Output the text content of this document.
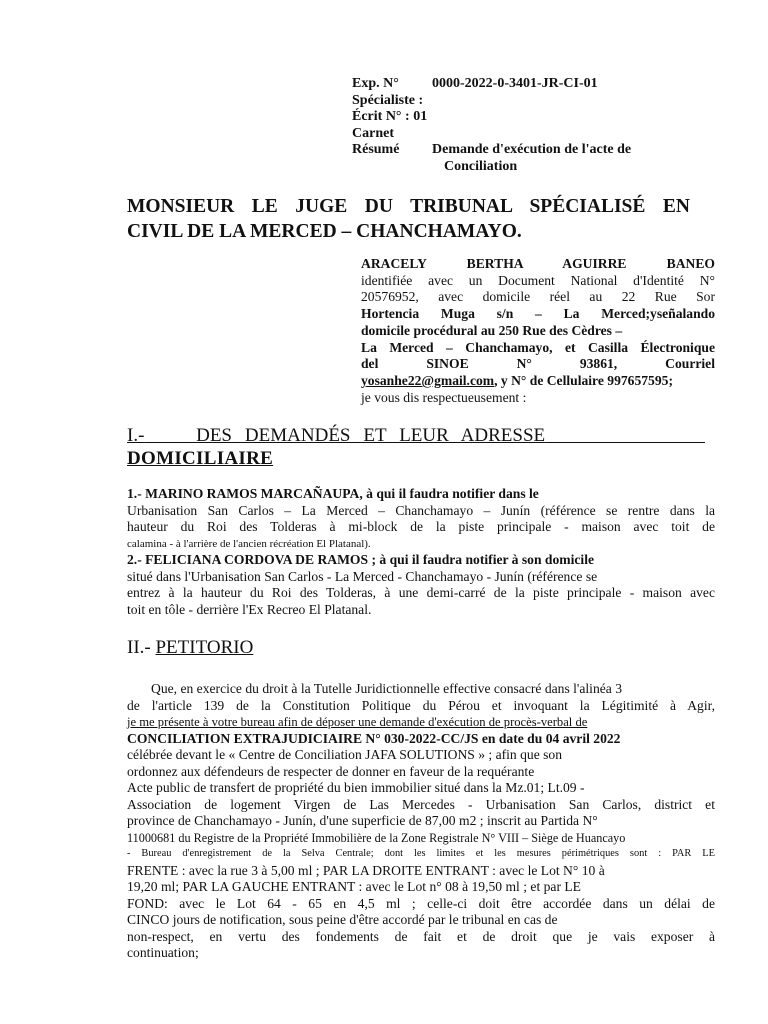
Exp. N° 0000-2022-0-3401-JR-CI-01
Spécialiste :
Écrit N° : 01
Carnet
Résumé Demande d'exécution de l'acte de
Conciliation
MONSIEUR LE JUGE DU TRIBUNAL SPÉCIALISÉ EN
CIVIL DE LA MERCED – CHANCHAMAYO.
ARACELY BERTHA AGUIRRE BANEO
identifiée avec un Document National d'Identité N°
20576952, avec domicile réel au 22 Rue Sor
Hortencia Muga s/n – La Merced;yseñalando
domicile procédural au 250 Rue des Cèdres –
La Merced – Chanchamayo, et Casilla Électronique
del SINOE N° 93861, Courriel
yosanhe22@gmail.com, y N° de Cellulaire 997657595;
je vous dis respectueusement :
I.-	DES DEMANDÉS ET LEUR ADRESSE
DOMICILIAIRE
1.- MARINO RAMOS MARCAÑAUPA, à qui il faudra notifier dans le
Urbanisation San Carlos – La Merced – Chanchamayo – Junín (référence se rentre dans la
hauteur du Roi des Tolderas à mi-block de la piste principale - maison avec toit de
calamina - à l'arrière de l'ancien récréation El Platanal).
2.- FELICIANA CORDOVA DE RAMOS ; à qui il faudra notifier à son domicile
situé dans l'Urbanisation San Carlos - La Merced - Chanchamayo - Junín (référence se
entrez à la hauteur du Roi des Tolderas, à une demi-carré de la piste principale - maison avec
toit en tôle - derrière l'Ex Recreo El Platanal.
II.- PETITORIO
Que, en exercice du droit à la Tutelle Juridictionnelle effective consacré dans l'alinéa 3
de l'article 139 de la Constitution Politique du Pérou et invoquant la Légitimité à Agir,
je me présente à votre bureau afin de déposer une demande d'exécution de procès-verbal de
CONCILIATION EXTRAJUDICIAIRE N° 030-2022-CC/JS en date du 04 avril 2022
célébrée devant le « Centre de Conciliation JAFA SOLUTIONS » ; afin que son
ordonnez aux défendeurs de respecter de donner en faveur de la requérante
Acte public de transfert de propriété du bien immobilier situé dans la Mz.01; Lt.09 -
Association de logement Virgen de Las Mercedes - Urbanisation San Carlos, district et
province de Chanchamayo - Junín, d'une superficie de 87,00 m2 ; inscrit au Partida N°
11000681 du Registre de la Propriété Immobilière de la Zone Registrale N° VIII – Siège de Huancayo
- Bureau d'enregistrement de la Selva Centrale; dont les limites et les mesures périmétriques sont : PAR LE
FRENTE : avec la rue 3 à 5,00 ml ; PAR LA DROITE ENTRANT : avec le Lot N° 10 à
19,20 ml; PAR LA GAUCHE ENTRANT : avec le Lot n° 08 à 19,50 ml ; et par LE
FOND: avec le Lot 64 - 65 en 4,5 ml ; celle-ci doit être accordée dans un délai de
CINCO jours de notification, sous peine d'être accordé par le tribunal en cas de
non-respect, en vertu des fondements de fait et de droit que je vais exposer à
continuation;
